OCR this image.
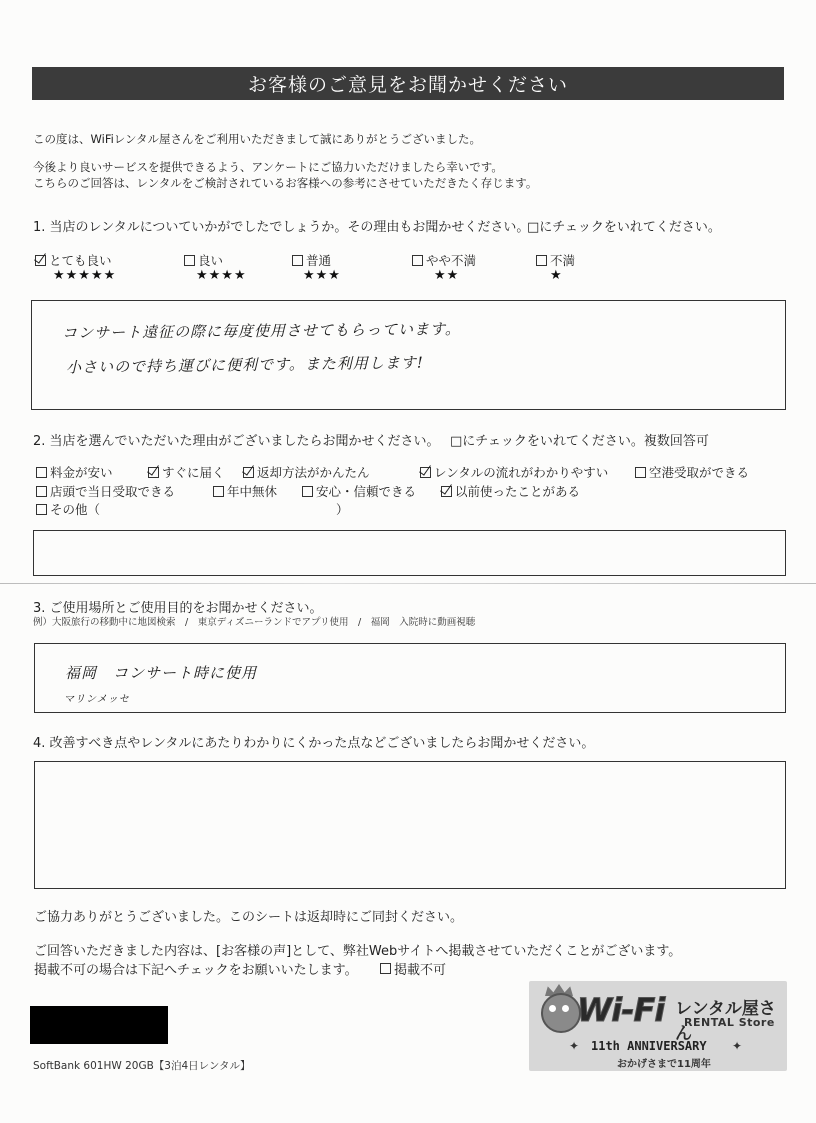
お客様のご意見をお聞かせください
この度は、WiFiレンタル屋さんをご利用いただきまして誠にありがとうございました。
今後より良いサービスを提供できるよう、アンケートにご協力いただけましたら幸いです。
こちらのご回答は、レンタルをご検討されているお客様への参考にさせていただきたく存じます。
1. 当店のレンタルについていかがでしたでしょうか。その理由もお聞かせください。
□にチェックをいれてください。
とても良い
★★★★★
良い
★★★★
普通
★★★
やや不満
★★
不満
★
コンサート遠征の際に毎度使用させてもらっています。
小さいので持ち運びに便利です。また利用します!
2. 当店を選んでいただいた理由がございましたらお聞かせください。 □にチェックをいれてください。複数回答可
料金が安い	すぐに届く	返却方法がかんたん	レンタルの流れがわかりやすい	空港受取ができる
店頭で当日受取できる	年中無休	安心・信頼できる	以前使ったことがある
その他（	）
3. ご使用場所とご使用目的をお聞かせください。
例）大阪旅行の移動中に地図検索　/　東京ディズニーランドでアプリ使用　/　福岡　入院時に動画視聴
福岡　コンサート時に使用
マリンメッセ
4. 改善すべき点やレンタルにあたりわかりにくかった点などございましたらお聞かせください。
ご協力ありがとうございました。このシートは返却時にご同封ください。
ご回答いただきました内容は、[お客様の声]として、弊社Webサイトへ掲載させていただくことがございます。
掲載不可の場合は下記へチェックをお願いいたします。	掲載不可
SoftBank 601HW 20GB【3泊4日レンタル】
Wi-Fi レンタル屋さん
RENTAL Store
✦ 11th ANNIVERSARY ✦
おかげさまで11周年
